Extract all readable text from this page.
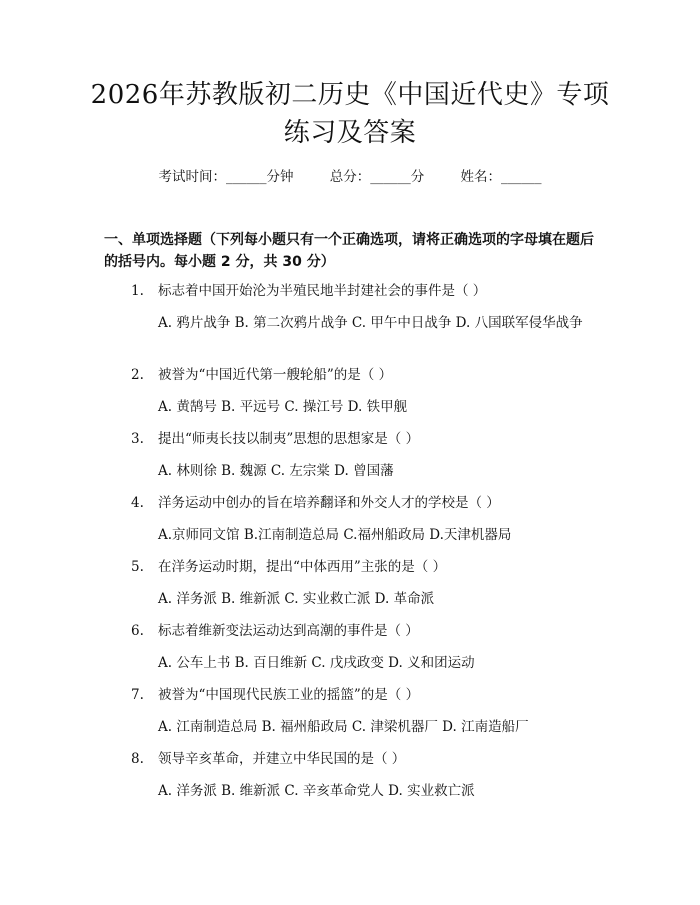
2026年苏教版初二历史《中国近代史》专项
练习及答案
考试时间：______分钟	总分：______分	姓名：______
一、单项选择题（下列每小题只有一个正确选项，请将正确选项的字母填在题后的括号内。每小题 2 分，共 30 分）
1. 标志着中国开始沦为半殖民地半封建社会的事件是（ ）
A. 鸦片战争 B. 第二次鸦片战争 C. 甲午中日战争 D. 八国联军侵华战争
2. 被誉为“中国近代第一艘轮船”的是（ ）
A. 黄鹄号 B. 平远号 C. 操江号 D. 铁甲舰
3. 提出“师夷长技以制夷”思想的思想家是（ ）
A. 林则徐 B. 魏源 C. 左宗棠 D. 曾国藩
4. 洋务运动中创办的旨在培养翻译和外交人才的学校是（ ）
A.京师同文馆 B.江南制造总局 C.福州船政局 D.天津机器局
5. 在洋务运动时期，提出“中体西用”主张的是（ ）
A. 洋务派 B. 维新派 C. 实业救亡派 D. 革命派
6. 标志着维新变法运动达到高潮的事件是（ ）
A. 公车上书 B. 百日维新 C. 戊戌政变 D. 义和团运动
7. 被誉为“中国现代民族工业的摇篮”的是（ ）
A. 江南制造总局 B. 福州船政局 C. 津梁机器厂 D. 江南造船厂
8. 领导辛亥革命，并建立中华民国的是（ ）
A. 洋务派 B. 维新派 C. 辛亥革命党人 D. 实业救亡派
